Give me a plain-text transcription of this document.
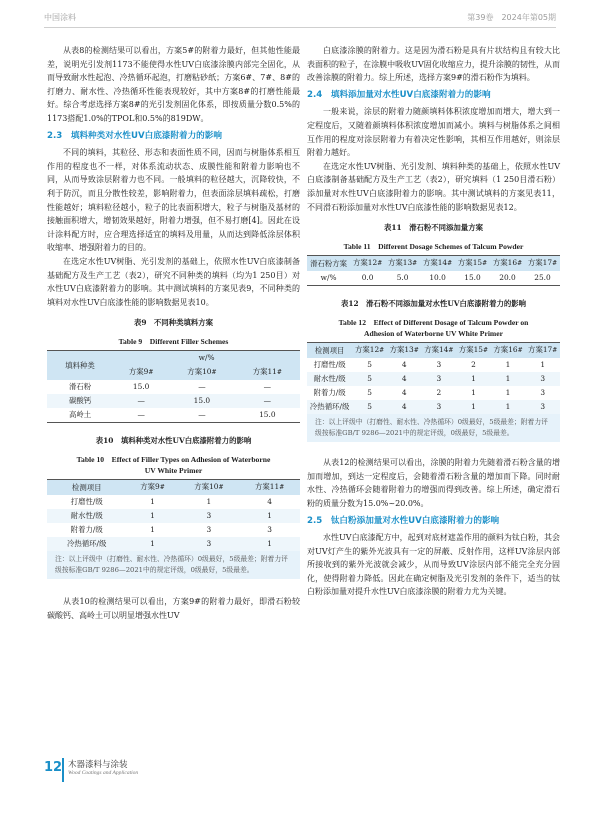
中国涂料	第39卷　2024年第05期

从表8的检测结果可以看出，方案5#的附着力最好，但其他性能最差，说明光引发剂1173不能使得水性UV白底漆涂膜内部完全固化，从而导致耐水性起泡、冷热循环起泡，打磨粘砂纸；方案6#、7#、8#的打磨力、耐水性、冷热循环性能表现较好，其中方案8#的打磨性能最好。综合考虑选择方案8#的光引发剂固化体系，即按质量分数0.5%的1173搭配1.0%的TPOL和0.5%的819DW。

2.3　填料种类对水性UV白底漆附着力的影响

不同的填料，其粒径、形态和表面性质不同，因而与树脂体系相互作用的程度也不一样，对体系流动状态、成膜性能和附着力影响也不同，从而导致涂层附着力也不同。一般填料的粒径越大，沉降较快，不利于防沉，而且分散性较差，影响附着力，但表面涂层填料疏松，打磨性能越好；填料粒径越小，粒子的比表面积增大，粒子与树脂及基材的接触面积增大，增韧效果越好，附着力增强，但不易打磨[4]。因此在设计涂料配方时，应合理选择适宜的填料及用量，从而达到降低涂层体积收缩率、增强附着力的目的。

在选定水性UV树脂、光引发剂的基础上，依照水性UV白底漆制备基础配方及生产工艺（表2），研究不同种类的填料（均为1 250目）对水性UV白底漆附着力的影响。其中测试填料的方案见表9，不同种类的填料对水性UV白底漆性能的影响数据见表10。

表9　不同种类填料方案
Table 9　Different Filler Schemes
填料种类	w/%		
	方案9#	方案10#	方案11#
滑石粉	15.0	—	—
碳酸钙	—	15.0	—
高岭土	—	—	15.0
表10　填料种类对水性UV白底漆附着力的影响
Table 10　Effect of Filler Types on Adhesion of Waterborne
UV White Primer
检测项目	方案9#	方案10#	方案11#
打磨性/级	1	1	4
耐水性/级	1	3	1
附着力/级	1	3	3
冷热循环/级	1	3	1
注：以上评级中（打磨性、耐水性、冷热循环）0级最好，5级最差；附着力评级按标准GB/T 9286—2021中的规定评级，0级最好，5级最差。

从表10的检测结果可以看出，方案9#的附着力最好，即滑石粉较碳酸钙、高岭土可以明显增强水性UV

白底漆涂膜的附着力。这是因为滑石粉是具有片状结构且有较大比表面积的粒子，在涂膜中吸收UV固化收缩应力，提升涂膜的韧性，从而改善涂膜的附着力。综上所述，选择方案9#的滑石粉作为填料。

2.4　填料添加量对水性UV白底漆附着力的影响

一般来说，涂层的附着力随颜填料体积浓度增加而增大，增大到一定程度后，又随着颜填料体积浓度增加而减小。填料与树脂体系之间相互作用的程度对涂层附着力有着决定性影响，其相互作用越好，则涂层附着力越好。

在选定水性UV树脂、光引发剂、填料种类的基础上，依照水性UV白底漆制备基础配方及生产工艺（表2），研究填料（1 250目滑石粉）添加量对水性UV白底漆附着力的影响。其中测试填料的方案见表11，不同滑石粉添加量对水性UV白底漆性能的影响数据见表12。

表11　滑石粉不同添加量方案
Table 11　Different Dosage Schemes of Talcum Powder
滑石粉方案	方案12#	方案13#	方案14#	方案15#	方案16#	方案17#
w/%	0.0	5.0	10.0	15.0	20.0	25.0
表12　滑石粉不同添加量对水性UV白底漆附着力的影响
Table 12　Effect of Different Dosage of Talcum Powder on
Adhesion of Waterborne UV White Primer
检测项目	方案12#	方案13#	方案14#	方案15#	方案16#	方案17#
打磨性/级	5	4	3	2	1	1
耐水性/级	5	4	3	1	1	3
附着力/级	5	4	2	1	1	3
冷热循环/级	5	4	3	1	1	3
注：以上评级中（打磨性、耐水性、冷热循环）0级最好，5级最差；附着力评级按标准GB/T 9286—2021中的规定评级，0级最好，5级最差。

从表12的检测结果可以看出，涂膜的附着力先随着滑石粉含量的增加而增加，到达一定程度后，会随着滑石粉含量的增加而下降。同时耐水性、冷热循环会随着附着力的增强而得到改善。综上所述，确定滑石粉的质量分数为15.0%~20.0%。

2.5　钛白粉添加量对水性UV白底漆附着力的影响

水性UV白底漆配方中，起到对底材遮盖作用的颜料为钛白粉，其会对UV灯产生的紫外光波具有一定的屏蔽、反射作用，这样UV涂层内部所接收到的紫外光波就会减少，从而导致UV涂层内部不能完全充分固化，使得附着力降低。因此在确定树脂及光引发剂的条件下，适当的钛白粉添加量对提升水性UV白底漆涂膜的附着力尤为关键。

12 木器漆料与涂装
Wood Coatings and Application
